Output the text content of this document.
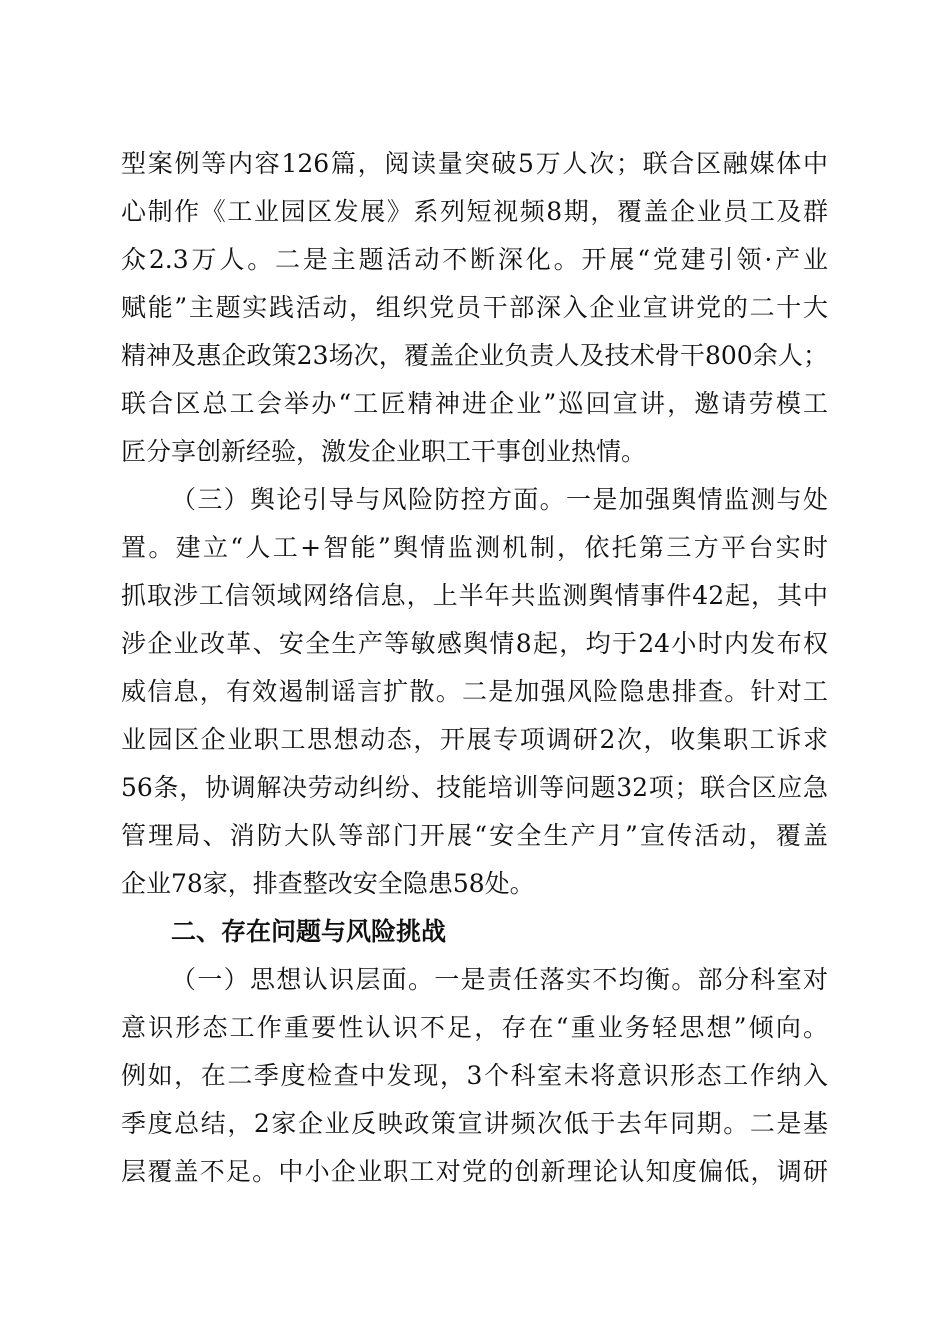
型案例等内容126篇，阅读量突破5万人次；联合区融媒体中
心制作《工业园区发展》系列短视频8期，覆盖企业员工及群
众2.3万人。二是主题活动不断深化。开展“党建引领·产业
赋能”主题实践活动，组织党员干部深入企业宣讲党的二十大
精神及惠企政策23场次，覆盖企业负责人及技术骨干800余人；
联合区总工会举办“工匠精神进企业”巡回宣讲，邀请劳模工
匠分享创新经验，激发企业职工干事创业热情。
（三）舆论引导与风险防控方面。一是加强舆情监测与处
置。建立“人工+智能”舆情监测机制，依托第三方平台实时
抓取涉工信领域网络信息，上半年共监测舆情事件42起，其中
涉企业改革、安全生产等敏感舆情8起，均于24小时内发布权
威信息，有效遏制谣言扩散。二是加强风险隐患排查。针对工
业园区企业职工思想动态，开展专项调研2次，收集职工诉求
56条，协调解决劳动纠纷、技能培训等问题32项；联合区应急
管理局、消防大队等部门开展“安全生产月”宣传活动，覆盖
企业78家，排查整改安全隐患58处。
二、存在问题与风险挑战
（一）思想认识层面。一是责任落实不均衡。部分科室对
意识形态工作重要性认识不足，存在“重业务轻思想”倾向。
例如，在二季度检查中发现，3个科室未将意识形态工作纳入
季度总结，2家企业反映政策宣讲频次低于去年同期。二是基
层覆盖不足。中小企业职工对党的创新理论认知度偏低，调研
